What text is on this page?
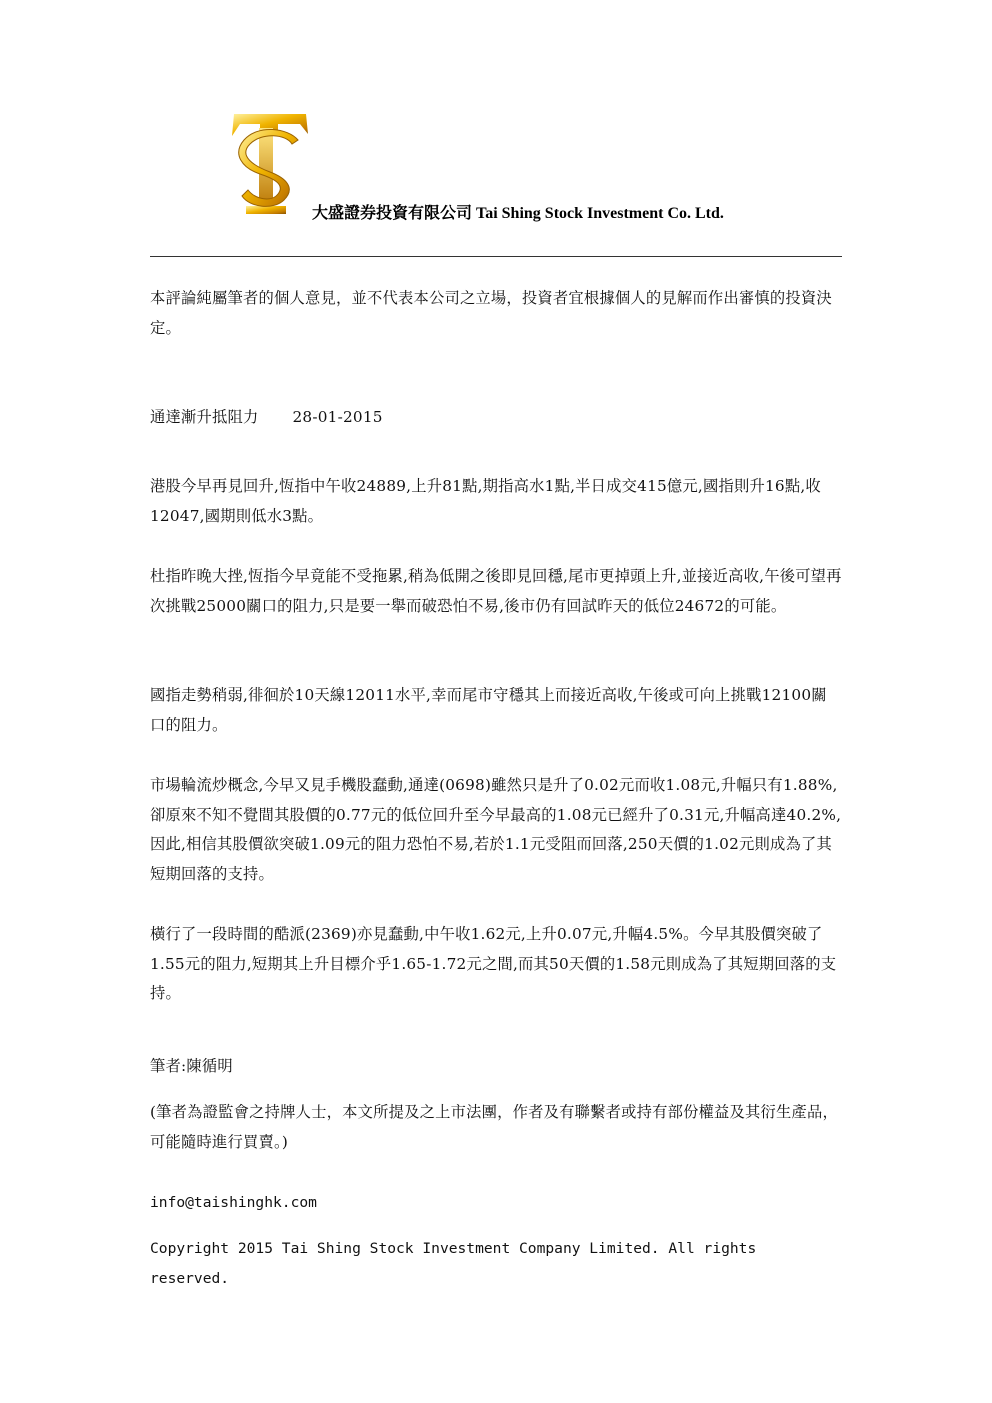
大盛證券投資有限公司 Tai Shing Stock Investment Co. Ltd.

本評論純屬筆者的個人意見，並不代表本公司之立場，投資者宜根據個人的見解而作出審慎的投資決定。

通達漸升抵阻力 28-01-2015

港股今早再見回升,恆指中午收24889,上升81點,期指高水1點,半日成交415億元,國指則升16點,收12047,國期則低水3點。

杜指昨晚大挫,恆指今早竟能不受拖累,稍為低開之後即見回穩,尾市更掉頭上升,並接近高收,午後可望再次挑戰25000關口的阻力,只是要一舉而破恐怕不易,後市仍有回試昨天的低位24672的可能。

國指走勢稍弱,徘徊於10天線12011水平,幸而尾市守穩其上而接近高收,午後或可向上挑戰12100關口的阻力。

市場輪流炒概念,今早又見手機股蠢動,通達(0698)雖然只是升了0.02元而收1.08元,升幅只有1.88%,卻原來不知不覺間其股價的0.77元的低位回升至今早最高的1.08元已經升了0.31元,升幅高達40.2%,因此,相信其股價欲突破1.09元的阻力恐怕不易,若於1.1元受阻而回落,250天價的1.02元則成為了其短期回落的支持。

橫行了一段時間的酷派(2369)亦見蠢動,中午收1.62元,上升0.07元,升幅4.5%。今早其股價突破了1.55元的阻力,短期其上升目標介乎1.65-1.72元之間,而其50天價的1.58元則成為了其短期回落的支持。

筆者:陳循明

(筆者為證監會之持牌人士，本文所提及之上市法團，作者及有聯繫者或持有部份權益及其衍生產品，可能隨時進行買賣。)

info@taishinghk.com

Copyright 2015 Tai Shing Stock Investment Company Limited. All rights reserved.
